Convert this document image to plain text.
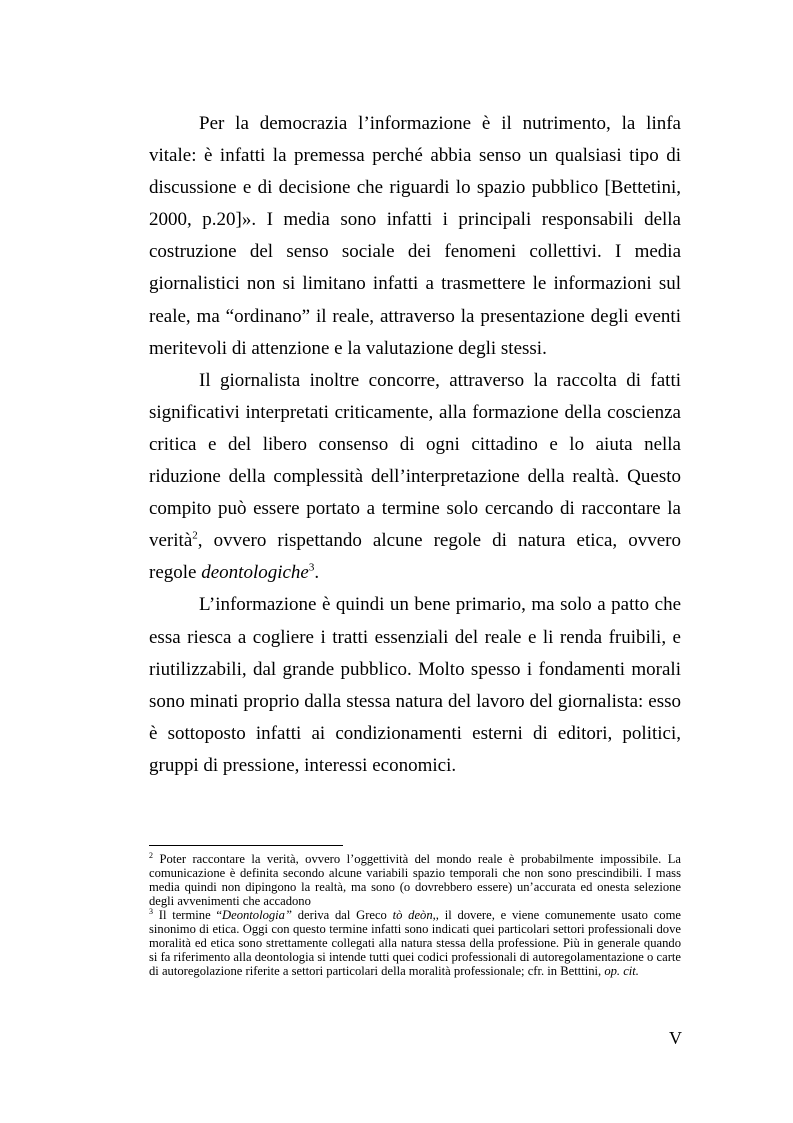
Per la democrazia l’informazione è il nutrimento, la linfa vitale: è infatti la premessa perché abbia senso un qualsiasi tipo di discussione e di decisione che riguardi lo spazio pubblico [Bettetini, 2000, p.20]». I media sono infatti i principali responsabili della costruzione del senso sociale dei fenomeni collettivi. I media giornalistici non si limitano infatti a trasmettere le informazioni sul reale, ma “ordinano” il reale, attraverso la presentazione degli eventi meritevoli di attenzione e la valutazione degli stessi.

Il giornalista inoltre concorre, attraverso la raccolta di fatti significativi interpretati criticamente, alla formazione della coscienza critica e del libero consenso di ogni cittadino e lo aiuta nella riduzione della complessità dell’interpretazione della realtà. Questo compito può essere portato a termine solo cercando di raccontare la verità$^2$, ovvero rispettando alcune regole di natura etica, ovvero regole deontologiche$^3$.

L’informazione è quindi un bene primario, ma solo a patto che essa riesca a cogliere i tratti essenziali del reale e li renda fruibili, e riutilizzabili, dal grande pubblico. Molto spesso i fondamenti morali sono minati proprio dalla stessa natura del lavoro del giornalista: esso è sottoposto infatti ai condizionamenti esterni di editori, politici, gruppi di pressione, interessi economici.

$^2$ Poter raccontare la verità, ovvero l’oggettività del mondo reale è probabilmente impossibile. La comunicazione è definita secondo alcune variabili spazio temporali che non sono prescindibili. I mass media quindi non dipingono la realtà, ma sono (o dovrebbero essere) un’accurata ed onesta selezione degli avvenimenti che accadono

$^3$ Il termine “Deontologia” deriva dal Greco tò deòn,, il dovere, e viene comunemente usato come sinonimo di etica. Oggi con questo termine infatti sono indicati quei particolari settori professionali dove moralità ed etica sono strettamente collegati alla natura stessa della professione. Più in generale quando si fa riferimento alla deontologia si intende tutti quei codici professionali di autoregolamentazione o carte di autoregolazione riferite a settori particolari della moralità professionale; cfr. in Betttini, op. cit.

V
